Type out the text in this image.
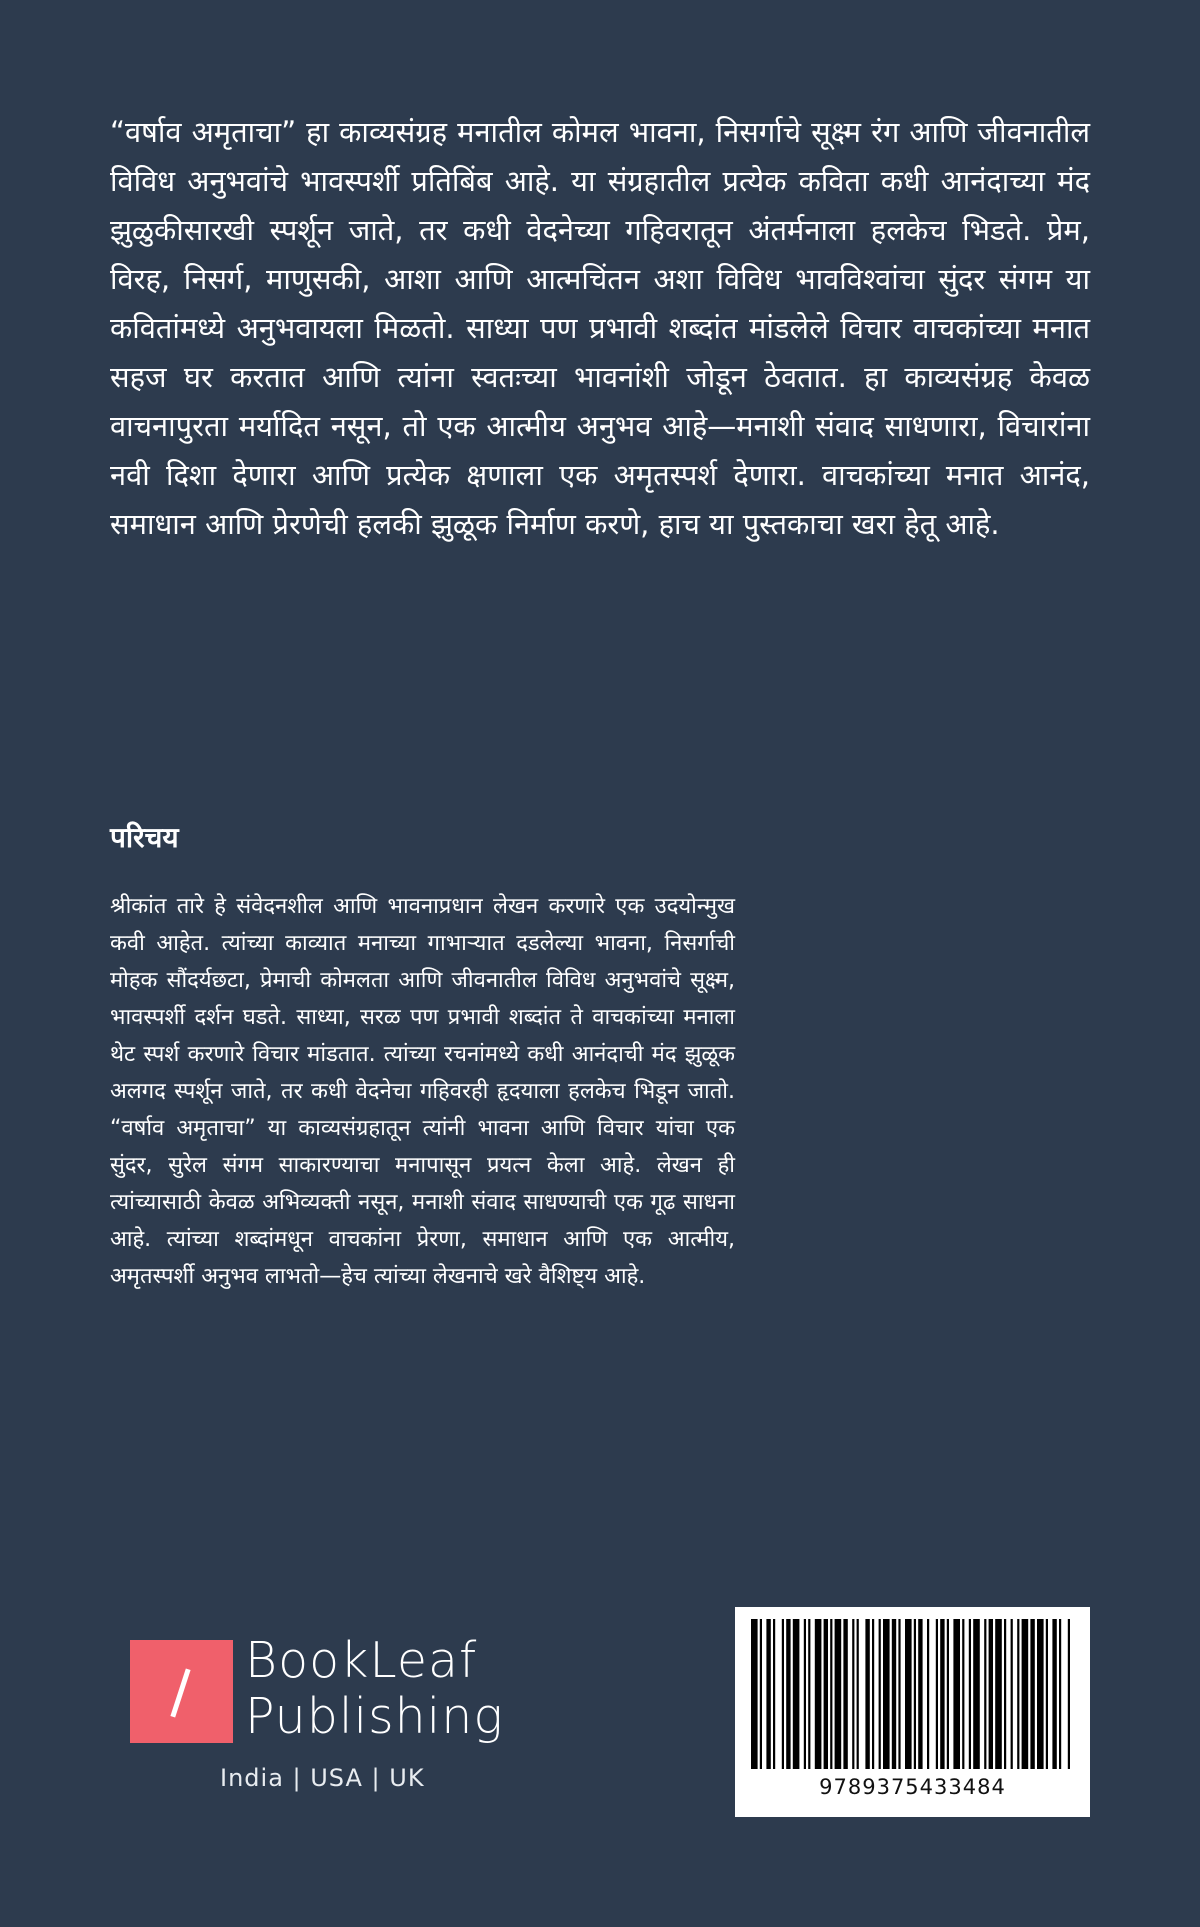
“वर्षाव अमृताचा” हा काव्यसंग्रह मनातील कोमल भावना, निसर्गाचे सूक्ष्म रंग आणि जीवनातील विविध अनुभवांचे भावस्पर्शी प्रतिबिंब आहे. या संग्रहातील प्रत्येक कविता कधी आनंदाच्या मंद झुळुकीसारखी स्पर्शून जाते, तर कधी वेदनेच्या गहिवरातून अंतर्मनाला हलकेच भिडते. प्रेम, विरह, निसर्ग, माणुसकी, आशा आणि आत्मचिंतन अशा विविध भावविश्वांचा सुंदर संगम या कवितांमध्ये अनुभवायला मिळतो. साध्या पण प्रभावी शब्दांत मांडलेले विचार वाचकांच्या मनात सहज घर करतात आणि त्यांना स्वतःच्या भावनांशी जोडून ठेवतात. हा काव्यसंग्रह केवळ वाचनापुरता मर्यादित नसून, तो एक आत्मीय अनुभव आहे—मनाशी संवाद साधणारा, विचारांना नवी दिशा देणारा आणि प्रत्येक क्षणाला एक अमृतस्पर्श देणारा. वाचकांच्या मनात आनंद, समाधान आणि प्रेरणेची हलकी झुळूक निर्माण करणे, हाच या पुस्तकाचा खरा हेतू आहे.

परिचय

श्रीकांत तारे हे संवेदनशील आणि भावनाप्रधान लेखन करणारे एक उदयोन्मुख कवी आहेत. त्यांच्या काव्यात मनाच्या गाभाऱ्यात दडलेल्या भावना, निसर्गाची मोहक सौंदर्यछटा, प्रेमाची कोमलता आणि जीवनातील विविध अनुभवांचे सूक्ष्म, भावस्पर्शी दर्शन घडते. साध्या, सरळ पण प्रभावी शब्दांत ते वाचकांच्या मनाला थेट स्पर्श करणारे विचार मांडतात. त्यांच्या रचनांमध्ये कधी आनंदाची मंद झुळूक अलगद स्पर्शून जाते, तर कधी वेदनेचा गहिवरही हृदयाला हलकेच भिडून जातो. “वर्षाव अमृताचा” या काव्यसंग्रहातून त्यांनी भावना आणि विचार यांचा एक सुंदर, सुरेल संगम साकारण्याचा मनापासून प्रयत्न केला आहे. लेखन ही त्यांच्यासाठी केवळ अभिव्यक्ती नसून, मनाशी संवाद साधण्याची एक गूढ साधना आहे. त्यांच्या शब्दांमधून वाचकांना प्रेरणा, समाधान आणि एक आत्मीय, अमृतस्पर्शी अनुभव लाभतो—हेच त्यांच्या लेखनाचे खरे वैशिष्ट्य आहे.

BookLeaf
Publishing
India | USA | UK	9789375433484
